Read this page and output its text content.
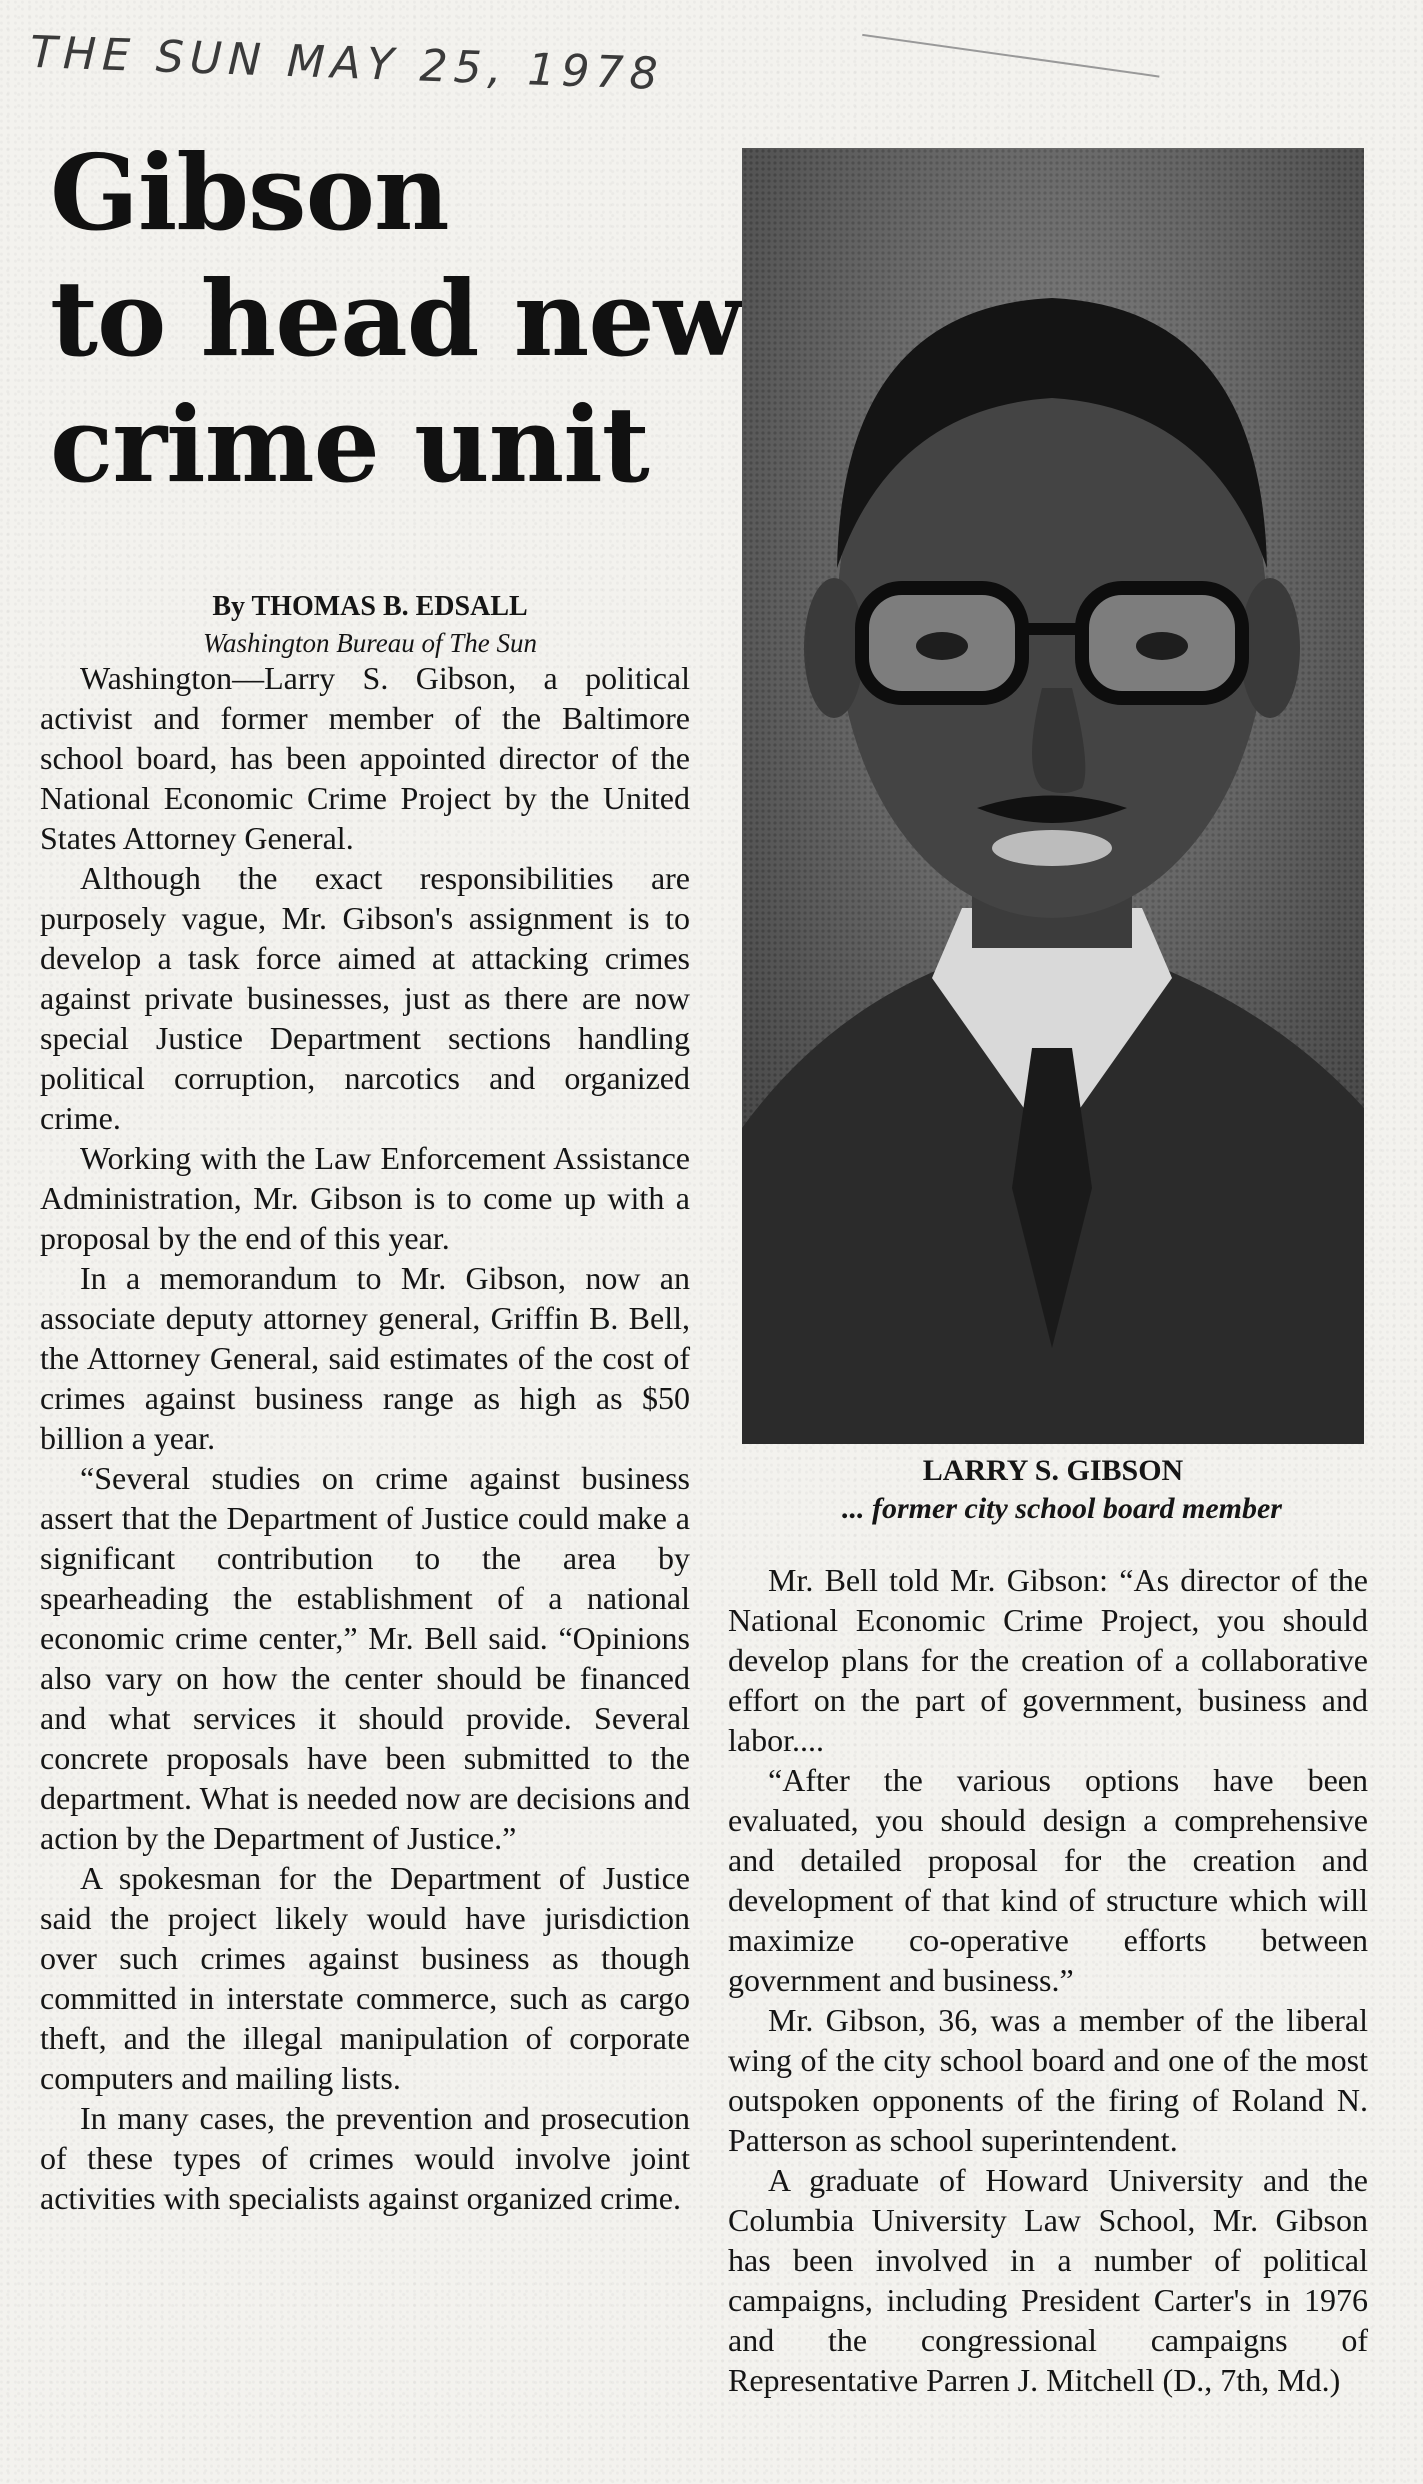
THE SUN MAY 25, 1978
Gibson
to head new
crime unit
By THOMAS B. EDSALL
Washington Bureau of The Sun

Washington—Larry S. Gibson, a political activist and former member of the Baltimore school board, has been appointed director of the National Economic Crime Project by the United States Attorney General.

Although the exact responsibilities are purposely vague, Mr. Gibson's assignment is to develop a task force aimed at attacking crimes against private businesses, just as there are now special Justice Department sections handling political corruption, narcotics and organized crime.

Working with the Law Enforcement Assistance Administration, Mr. Gibson is to come up with a proposal by the end of this year.

In a memorandum to Mr. Gibson, now an associate deputy attorney general, Griffin B. Bell, the Attorney General, said estimates of the cost of crimes against business range as high as $50 billion a year.

“Several studies on crime against business assert that the Department of Justice could make a significant contribution to the area by spearheading the establishment of a national economic crime center,” Mr. Bell said. “Opinions also vary on how the center should be financed and what services it should provide. Several concrete proposals have been submitted to the department. What is needed now are decisions and action by the Department of Justice.”

A spokesman for the Department of Justice said the project likely would have jurisdiction over such crimes against business as though committed in interstate commerce, such as cargo theft, and the illegal manipulation of corporate computers and mailing lists.

In many cases, the prevention and prosecution of these types of crimes would involve joint activities with specialists against organized crime.

LARRY S. GIBSON
... former city school board member

Mr. Bell told Mr. Gibson: “As director of the National Economic Crime Project, you should develop plans for the creation of a collaborative effort on the part of government, business and labor....

“After the various options have been evaluated, you should design a comprehensive and detailed proposal for the creation and development of that kind of structure which will maximize co-operative efforts between government and business.”

Mr. Gibson, 36, was a member of the liberal wing of the city school board and one of the most outspoken opponents of the firing of Roland N. Patterson as school superintendent.

A graduate of Howard University and the Columbia University Law School, Mr. Gibson has been involved in a number of political campaigns, including President Carter's in 1976 and the congressional campaigns of Representative Parren J. Mitchell (D., 7th, Md.)
